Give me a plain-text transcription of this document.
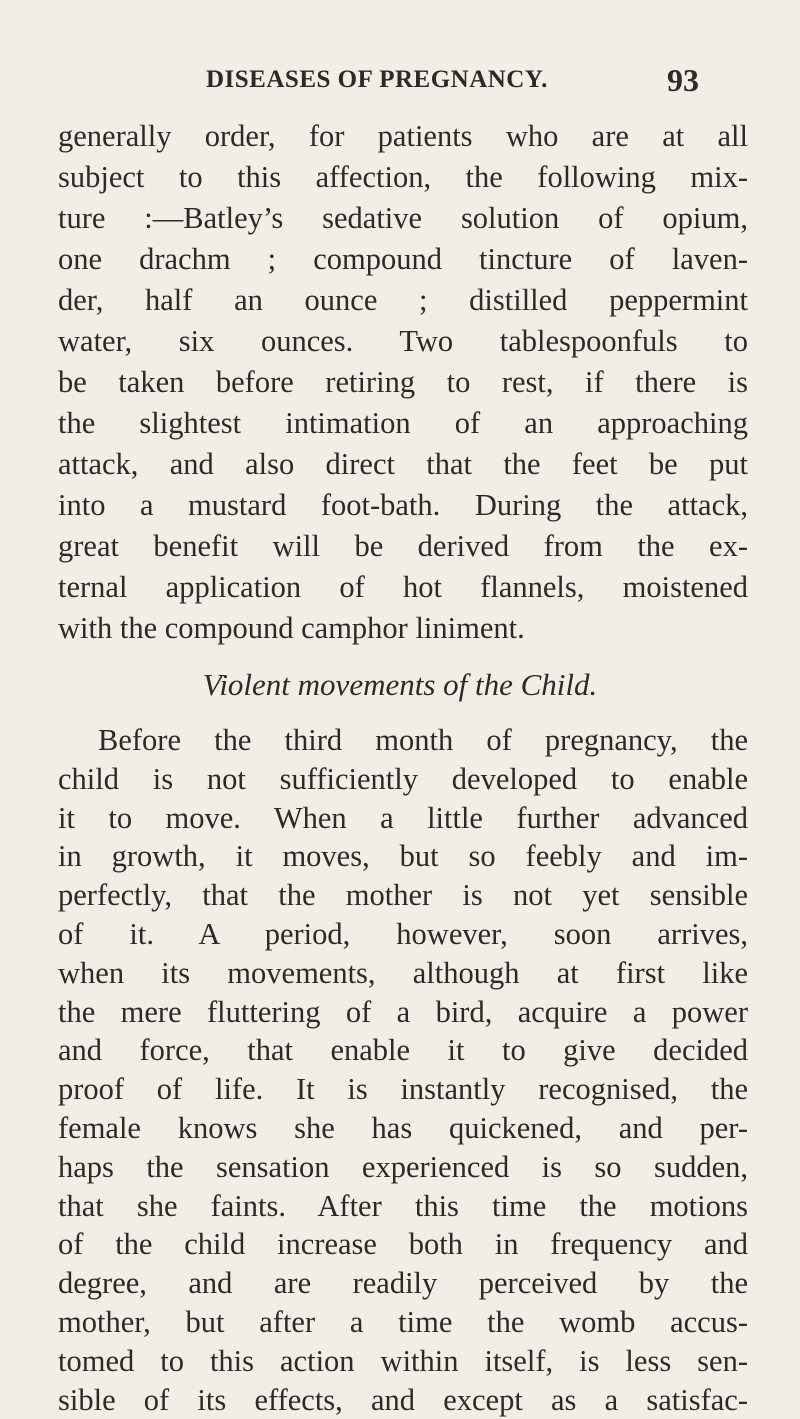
DISEASES OF PREGNANCY.	93
generally order, for patients who are at all
subject to this affection, the following mix-
ture :—Batley’s sedative solution of opium,
one drachm ; compound tincture of laven-
der, half an ounce ; distilled peppermint
water, six ounces. Two tablespoonfuls to
be taken before retiring to rest, if there is
the slightest intimation of an approaching
attack, and also direct that the feet be put
into a mustard foot-bath. During the attack,
great benefit will be derived from the ex-
ternal application of hot flannels, moistened
with the compound camphor liniment.
Violent movements of the Child.
Before the third month of pregnancy, the
child is not sufficiently developed to enable
it to move. When a little further advanced
in growth, it moves, but so feebly and im-
perfectly, that the mother is not yet sensible
of it. A period, however, soon arrives,
when its movements, although at first like
the mere fluttering of a bird, acquire a power
and force, that enable it to give decided
proof of life. It is instantly recognised, the
female knows she has quickened, and per-
haps the sensation experienced is so sudden,
that she faints. After this time the motions
of the child increase both in frequency and
degree, and are readily perceived by the
mother, but after a time the womb accus-
tomed to this action within itself, is less sen-
sible of its effects, and except as a satisfac-
